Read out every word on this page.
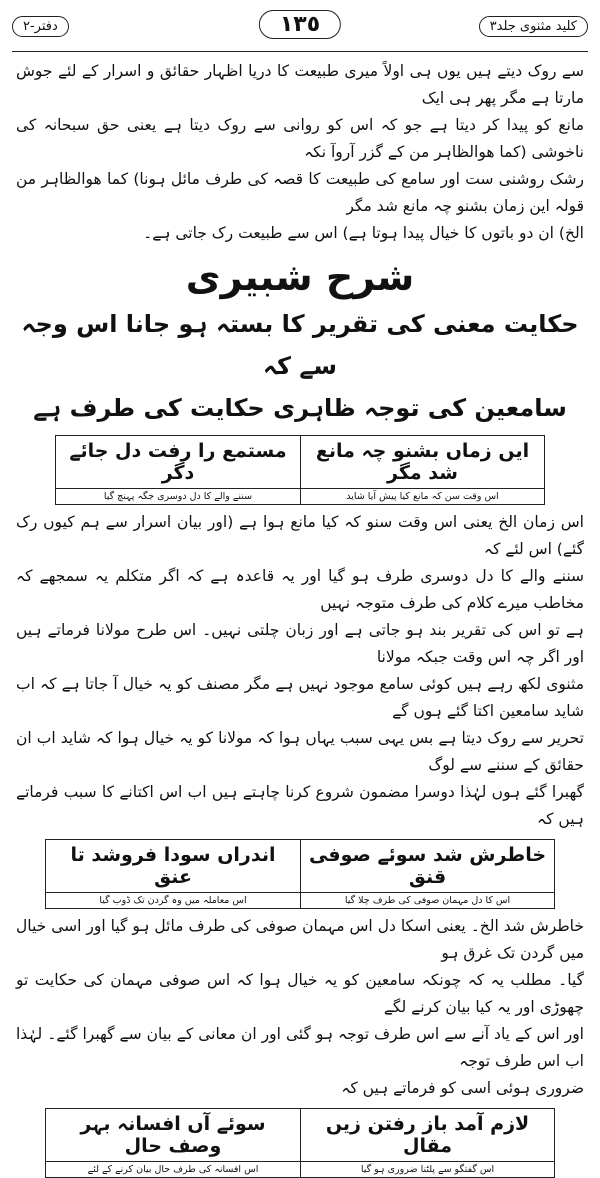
کلید مثنوی جلد۳
١٣٥
دفتر-۲
سے روک دیتے ہیں یوں ہی اولاً میری طبیعت کا دریا اظہار حقائق و اسرار کے لئے جوش مارتا ہے مگر پھر ہی ایک
مانع کو پیدا کر دیتا ہے جو کہ اس کو روانی سے روک دیتا ہے یعنی حق سبحانہ کی ناخوشی (کما ھوالظاہر من کے گزر آروآ نکہ
رشک روشنی ست اور سامع کی طبیعت کا قصہ کی طرف مائل ہونا) کما ھوالظاہر من قولہ این زمان بشنو چہ مانع شد مگر
الخ) ان دو باتوں کا خیال پیدا ہوتا ہے) اس سے طبیعت رک جاتی ہے۔
شرح شبیری
حکایت معنی کی تقریر کا بستہ ہو جانا اس وجہ سے کہ
سامعین کی توجہ ظاہری حکایت کی طرف ہے
ایں زماں بشنو چہ مانع شد مگر
اس وقت سن کہ مانع کیا پیش آیا شاید
مستمع را رفت دل جائے دگر
سننے والے کا دل دوسری جگہ پہنچ گیا
اس زمان الخ یعنی اس وقت سنو کہ کیا مانع ہوا ہے (اور بیان اسرار سے ہم کیوں رک گئے) اس لئے کہ
سننے والے کا دل دوسری طرف ہو گیا اور یہ قاعدہ ہے کہ اگر متکلم یہ سمجھے کہ مخاطب میرے کلام کی طرف متوجہ نہیں
ہے تو اس کی تقریر بند ہو جاتی ہے اور زبان چلتی نہیں۔ اس طرح مولانا فرماتے ہیں اور اگر چہ اس وقت جبکہ مولانا
مثنوی لکھ رہے ہیں کوئی سامع موجود نہیں ہے مگر مصنف کو یہ خیال آ جاتا ہے کہ اب شاید سامعین اکتا گئے ہوں گے
تحریر سے روک دیتا ہے بس یہی سبب یہاں ہوا کہ مولانا کو یہ خیال ہوا کہ شاید اب ان حقائق کے سننے سے لوگ
گھبرا گئے ہوں لہٰذا دوسرا مضمون شروع کرنا چاہتے ہیں اب اس اکتانے کا سبب فرماتے ہیں کہ
خاطرش شد سوئے صوفی قنق
اس کا دل مہمان صوفی کی طرف چلا گیا
اندراں سودا فروشد تا عنق
اس معاملہ میں وہ گردن تک ڈوب گیا
خاطرش شد الخ۔ یعنی اسکا دل اس مہمان صوفی کی طرف مائل ہو گیا اور اسی خیال میں گردن تک غرق ہو
گیا۔ مطلب یہ کہ چونکہ سامعین کو یہ خیال ہوا کہ اس صوفی مہمان کی حکایت تو چھوڑی اور یہ کیا بیان کرنے لگے
اور اس کے یاد آنے سے اس طرف توجہ ہو گئی اور ان معانی کے بیان سے گھبرا گئے۔ لہٰذا اب اس طرف توجہ
ضروری ہوئی اسی کو فرماتے ہیں کہ
لازم آمد باز رفتن زیں مقال
اس گفتگو سے پلٹنا ضروری ہو گیا
سوئے آں افسانہ بہر وصف حال
اس افسانہ کی طرف حال بیان کرنے کے لئے
